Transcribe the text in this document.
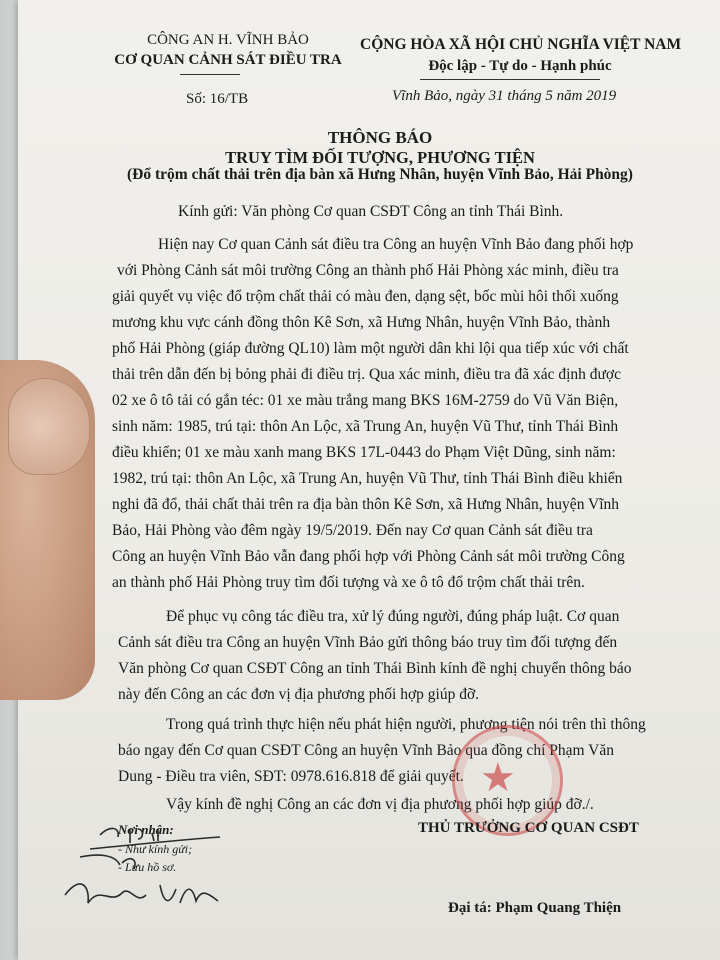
CÔNG AN H. VĨNH BẢO
CƠ QUAN CẢNH SÁT ĐIỀU TRA
CỘNG HÒA XÃ HỘI CHỦ NGHĨA VIỆT NAM
Độc lập - Tự do - Hạnh phúc
Số: 16/TB	Vĩnh Bảo, ngày 31 tháng 5 năm 2019
THÔNG BÁO
TRUY TÌM ĐỐI TƯỢNG, PHƯƠNG TIỆN
(Đổ trộm chất thải trên địa bàn xã Hưng Nhân, huyện Vĩnh Bảo, Hải Phòng)
Kính gửi: Văn phòng Cơ quan CSĐT Công an tỉnh Thái Bình.
Hiện nay Cơ quan Cảnh sát điều tra Công an huyện Vĩnh Bảo đang phối hợp
với Phòng Cảnh sát môi trường Công an thành phố Hải Phòng xác minh, điều tra
giải quyết vụ việc đổ trộm chất thải có màu đen, dạng sệt, bốc mùi hôi thối xuống
mương khu vực cánh đồng thôn Kê Sơn, xã Hưng Nhân, huyện Vĩnh Bảo, thành
phố Hải Phòng (giáp đường QL10) làm một người dân khi lội qua tiếp xúc với chất
thải trên dẫn đến bị bỏng phải đi điều trị. Qua xác minh, điều tra đã xác định được
02 xe ô tô tải có gắn téc: 01 xe màu trắng mang BKS 16M-2759 do Vũ Văn Biện,
sinh năm: 1985, trú tại: thôn An Lộc, xã Trung An, huyện Vũ Thư, tỉnh Thái Bình
điều khiển; 01 xe màu xanh mang BKS 17L-0443 do Phạm Việt Dũng, sinh năm:
1982, trú tại: thôn An Lộc, xã Trung An, huyện Vũ Thư, tỉnh Thái Bình điều khiển
nghi đã đổ, thải chất thải trên ra địa bàn thôn Kê Sơn, xã Hưng Nhân, huyện Vĩnh
Bảo, Hải Phòng vào đêm ngày 19/5/2019. Đến nay Cơ quan Cảnh sát điều tra
Công an huyện Vĩnh Bảo vẫn đang phối hợp với Phòng Cảnh sát môi trường Công
an thành phố Hải Phòng truy tìm đối tượng và xe ô tô đổ trộm chất thải trên.
Để phục vụ công tác điều tra, xử lý đúng người, đúng pháp luật. Cơ quan
Cảnh sát điều tra Công an huyện Vĩnh Bảo gửi thông báo truy tìm đối tượng đến
Văn phòng Cơ quan CSĐT Công an tỉnh Thái Bình kính đề nghị chuyển thông báo
này đến Công an các đơn vị địa phương phối hợp giúp đỡ.
Trong quá trình thực hiện nếu phát hiện người, phương tiện nói trên thì thông
báo ngay đến Cơ quan CSĐT Công an huyện Vĩnh Bảo qua đồng chí Phạm Văn
Dung - Điều tra viên, SĐT: 0978.616.818 để giải quyết.
Vậy kính đề nghị Công an các đơn vị địa phương phối hợp giúp đỡ./.
★
THỦ TRƯỞNG CƠ QUAN CSĐT
Đại tá: Phạm Quang Thiện
Nơi nhận:
- Như kính gửi;
- Lưu hồ sơ.
